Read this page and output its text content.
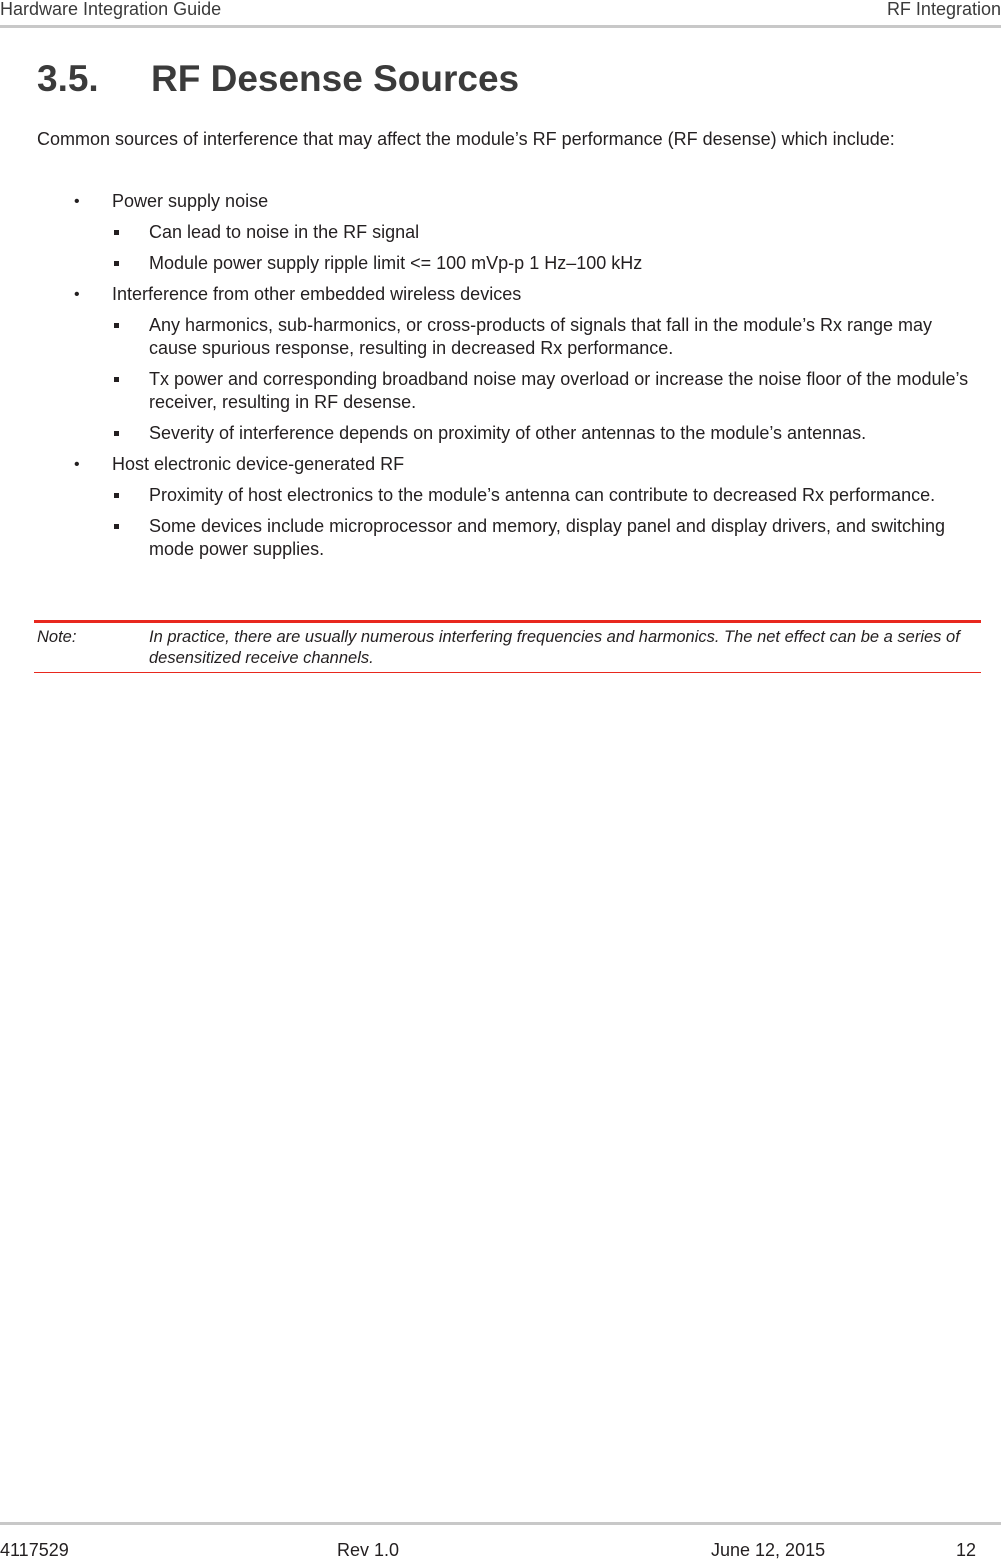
Hardware Integration Guide	RF Integration
3.5. RF Desense Sources

Common sources of interference that may affect the module’s RF performance (RF desense) which include:

• Power supply noise
Can lead to noise in the RF signal
Module power supply ripple limit <= 100 mVp-p 1 Hz–100 kHz
• Interference from other embedded wireless devices
Any harmonics, sub-harmonics, or cross-products of signals that fall in the module’s Rx range may cause spurious response, resulting in decreased Rx performance.
Tx power and corresponding broadband noise may overload or increase the noise floor of the module’s receiver, resulting in RF desense.
Severity of interference depends on proximity of other antennas to the module’s antennas.
• Host electronic device-generated RF
Proximity of host electronics to the module’s antenna can contribute to decreased Rx performance.
Some devices include microprocessor and memory, display panel and display drivers, and switching mode power supplies.
Note:	In practice, there are usually numerous interfering frequencies and harmonics. The net effect can be a series of desensitized receive channels.
4117529	Rev 1.0	June 12, 2015	12
